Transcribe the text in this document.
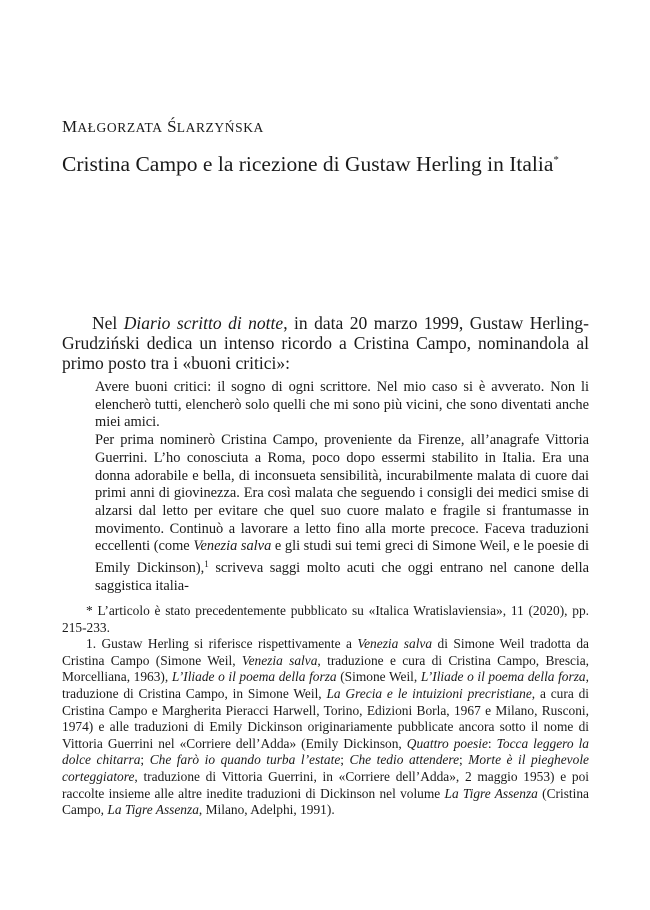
MAŁGORZATA ŚLARZYŃSKA
Cristina Campo e la ricezione di Gustaw Herling in Italia*

Nel Diario scritto di notte, in data 20 marzo 1999, Gustaw Herling-Grudziński dedica un intenso ricordo a Cristina Campo, nominandola al primo posto tra i «buoni critici»:

Avere buoni critici: il sogno di ogni scrittore. Nel mio caso si è avverato. Non li elencherò tutti, elencherò solo quelli che mi sono più vicini, che sono diventati anche miei amici.

Per prima nominerò Cristina Campo, proveniente da Firenze, all’anagrafe Vittoria Guerrini. L’ho conosciuta a Roma, poco dopo essermi stabilito in Italia. Era una donna adorabile e bella, di inconsueta sensibilità, incurabilmente malata di cuore dai primi anni di giovinezza. Era così malata che seguendo i consigli dei medici smise di alzarsi dal letto per evitare che quel suo cuore malato e fragile si frantumasse in movimento. Continuò a lavorare a letto fino alla morte precoce. Faceva traduzioni eccellenti (come Venezia salva e gli studi sui temi greci di Simone Weil, e le poesie di Emily Dickinson),$^1$ scriveva saggi molto acuti che oggi entrano nel canone della saggistica italia-

* L’articolo è stato precedentemente pubblicato su «Italica Wratislaviensia», 11 (2020), pp. 215-233.

1. Gustaw Herling si riferisce rispettivamente a Venezia salva di Simone Weil tradotta da Cristina Campo (Simone Weil, Venezia salva, traduzione e cura di Cristina Campo, Brescia, Morcelliana, 1963), L’Iliade o il poema della forza (Simone Weil, L’Iliade o il poema della forza, traduzione di Cristina Campo, in Simone Weil, La Grecia e le intuizioni precristiane, a cura di Cristina Campo e Margherita Pieracci Harwell, Torino, Edizioni Borla, 1967 e Milano, Rusconi, 1974) e alle traduzioni di Emily Dickinson originariamente pubblicate ancora sotto il nome di Vittoria Guerrini nel «Corriere dell’Adda» (Emily Dickinson, Quattro poesie: Tocca leggero la dolce chitarra; Che farò io quando turba l’estate; Che tedio attendere; Morte è il pieghevole corteggiatore, traduzione di Vittoria Guerrini, in «Corriere dell’Adda», 2 maggio 1953) e poi raccolte insieme alle altre inedite traduzioni di Dickinson nel volume La Tigre Assenza (Cristina Campo, La Tigre Assenza, Milano, Adelphi, 1991).
